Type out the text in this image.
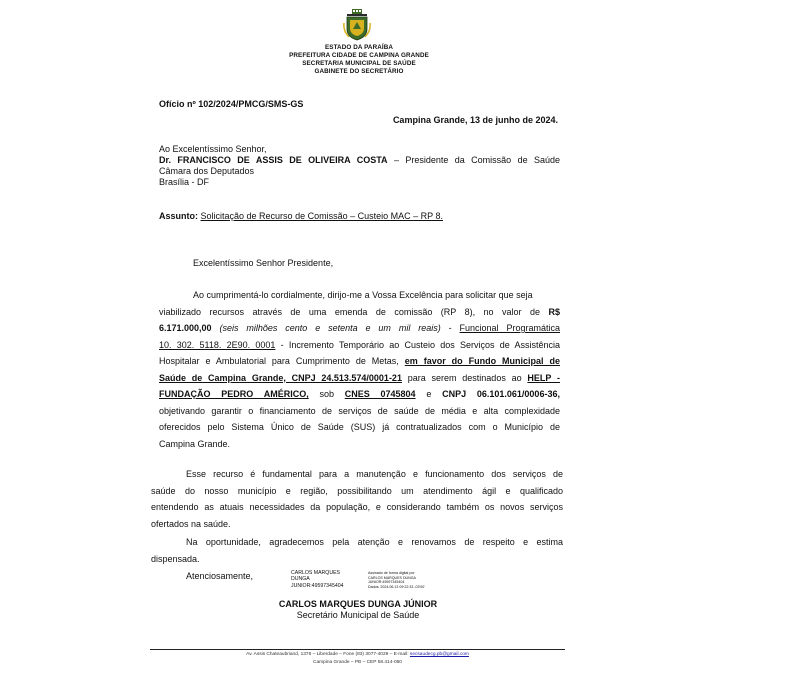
ESTADO DA PARAÍBA
PREFEITURA CIDADE DE CAMPINA GRANDE
SECRETARIA MUNICIPAL DE SAÚDE
GABINETE DO SECRETÁRIO
Ofício nº 102/2024/PMCG/SMS-GS
Campina Grande, 13 de junho de 2024.
Ao Excelentíssimo Senhor,
Dr. FRANCISCO DE ASSIS DE OLIVEIRA COSTA – Presidente da Comissão de Saúde
Câmara dos Deputados
Brasília - DF
Assunto: Solicitação de Recurso de Comissão – Custeio MAC – RP 8.
Excelentíssimo Senhor Presidente,
Ao cumprimentá-lo cordialmente, dirijo-me a Vossa Excelência para solicitar que seja
viabilizado recursos através de uma emenda de comissão (RP 8), no valor de R$
6.171.000,00 (seis milhões cento e setenta e um mil reais) - Funcional Programática
10. 302. 5118. 2E90. 0001 - Incremento Temporário ao Custeio dos Serviços de Assistência
Hospitalar e Ambulatorial para Cumprimento de Metas, em favor do Fundo Municipal de
Saúde de Campina Grande, CNPJ 24.513.574/0001-21 para serem destinados ao HELP -
FUNDAÇÃO PEDRO AMÉRICO, sob CNES 0745804 e CNPJ 06.101.061/0006-36,
objetivando garantir o financiamento de serviços de saúde de média e alta complexidade
oferecidos pelo Sistema Único de Saúde (SUS) já contratualizados com o Município de
Campina Grande.
Esse recurso é fundamental para a manutenção e funcionamento dos serviços de
saúde do nosso município e região, possibilitando um atendimento ágil e qualificado
entendendo as atuais necessidades da população, e considerando também os novos serviços
ofertados na saúde.
Na oportunidade, agradecemos pela atenção e renovamos de respeito e estima
dispensada.
Atenciosamente,	CARLOS MARQUES
DUNGA
JUNIOR:49597345404
Assinado de forma digital por
CARLOS MARQUES DUNGA
JUNIOR:49597345404
Dados: 2024.06.13 09:22:33 -03'00'
CARLOS MARQUES DUNGA JÚNIOR
Secretário Municipal de Saúde
Av. Assis Chateaubriand, 1376 – Liberdade – Fone (83) 3077-4029 – E-mail: secsaudecg.pb@gmail.com
Campina Grande – PB – CEP 58.414-060
